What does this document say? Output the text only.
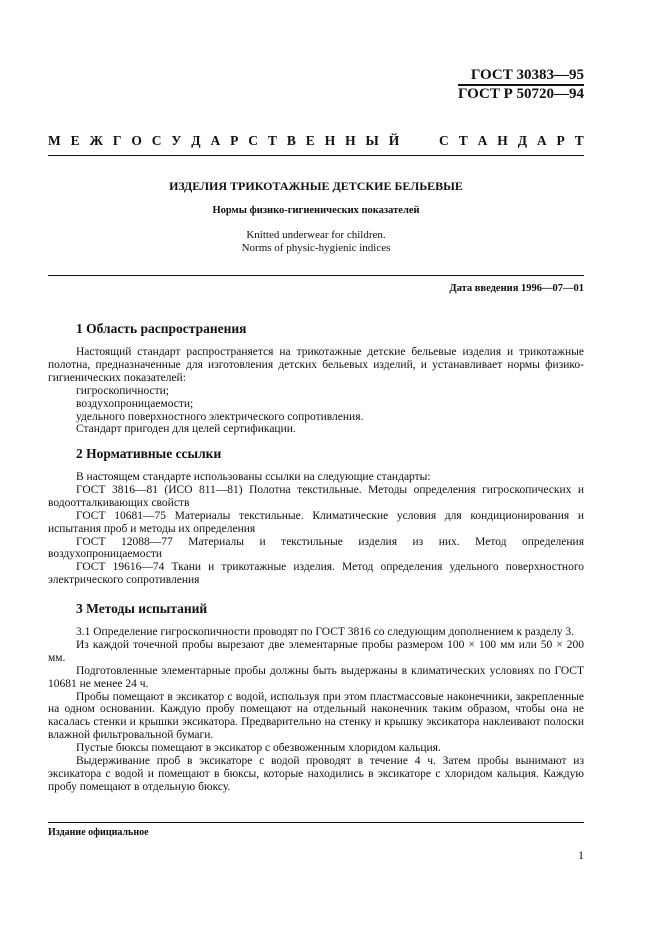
ГОСТ 30383—95
ГОСТ Р 50720—94
М Е Ж Г О С У Д А Р С Т В Е Н Н Ы Й	С Т А Н Д А Р Т
ИЗДЕЛИЯ ТРИКОТАЖНЫЕ ДЕТСКИЕ БЕЛЬЕВЫЕ
Нормы физико-гигиенических показателей
Knitted underwear for children.
Norms of physic-hygienic indices
Дата введения 1996—07—01
1 Область распространения

Настоящий стандарт распространяется на трикотажные детские бельевые изделия и трикотажные полотна, предназначенные для изготовления детских бельевых изделий, и устанавливает нормы физико-гигиенических показателей:

гигроскопичности;

воздухопроницаемости;

удельного поверхностного электрического сопротивления.

Стандарт пригоден для целей сертификации.

2 Нормативные ссылки

В настоящем стандарте использованы ссылки на следующие стандарты:

ГОСТ 3816—81 (ИСО 811—81) Полотна текстильные. Методы определения гигроскопических и водоотталкивающих свойств

ГОСТ 10681—75 Материалы текстильные. Климатические условия для кондиционирования и испытания проб и методы их определения

ГОСТ 12088—77 Материалы и текстильные изделия из них. Метод определения воздухопроницаемости

ГОСТ 19616—74 Ткани и трикотажные изделия. Метод определения удельного поверхностного электрического сопротивления

3 Методы испытаний

3.1 Определение гигроскопичности проводят по ГОСТ 3816 со следующим дополнением к разделу 3.

Из каждой точечной пробы вырезают две элементарные пробы размером 100 × 100 мм или 50 × 200 мм.

Подготовленные элементарные пробы должны быть выдержаны в климатических условиях по ГОСТ 10681 не менее 24 ч.

Пробы помещают в эксикатор с водой, используя при этом пластмассовые наконечники, закрепленные на одном основании. Каждую пробу помещают на отдельный наконечник таким образом, чтобы она не касалась стенки и крышки эксикатора. Предварительно на стенку и крышку эксикатора наклеивают полоски влажной фильтровальной бумаги.

Пустые бюксы помещают в эксикатор с обезвоженным хлоридом кальция.

Выдерживание проб в эксикаторе с водой проводят в течение 4 ч. Затем пробы вынимают из эксикатора с водой и помещают в бюксы, которые находились в эксикаторе с хлоридом кальция. Каждую пробу помещают в отдельную бюксу.

Издание официальное
1
